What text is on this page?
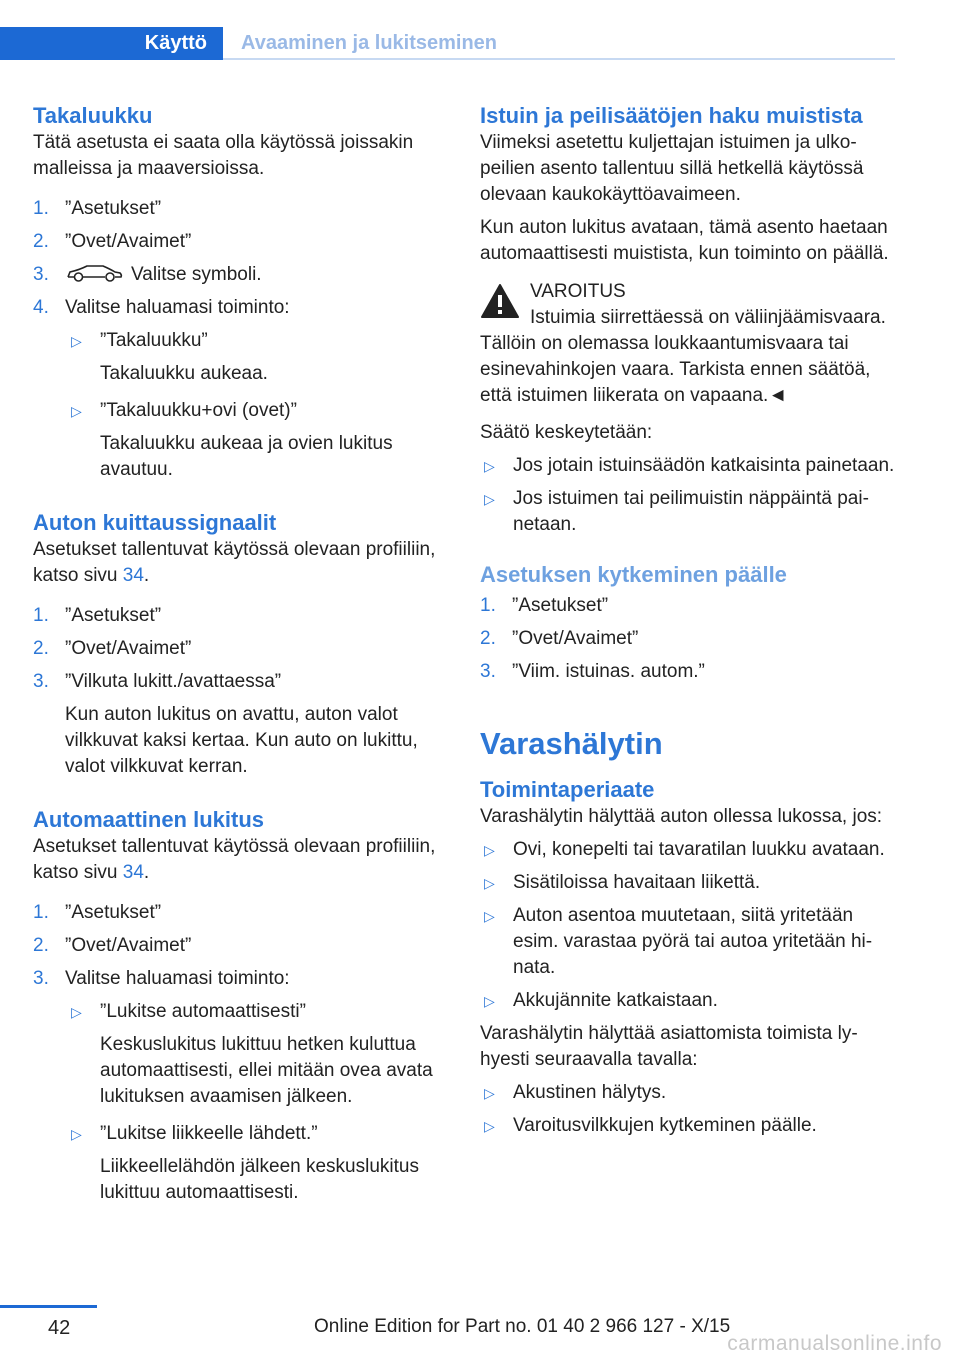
Käyttö Avaaminen ja lukitseminen
Takaluukku

Tätä asetusta ei saata olla käytössä joissakin malleissa ja maaversioissa.

1. ”Asetukset”
2. ”Ovet/Avaimet”
3.	Valitse symboli.
4. Valitse haluamasi toiminto:
▷ ”Takaluukku”
Takaluukku aukeaa.
▷ ”Takaluukku+ovi (ovet)”
Takaluukku aukeaa ja ovien lukitus avautuu.
Auton kuittaussignaalit

Asetukset tallentuvat käytössä olevaan profiiliin, katso sivu 34.

1. ”Asetukset”
2. ”Ovet/Avaimet”
3. ”Vilkuta lukitt./avattaessa”
Kun auton lukitus on avattu, auton valot vilkkuvat kaksi kertaa. Kun auto on lukittu, valot vilkkuvat kerran.
Automaattinen lukitus

Asetukset tallentuvat käytössä olevaan profiiliin, katso sivu 34.

1. ”Asetukset”
2. ”Ovet/Avaimet”
3. Valitse haluamasi toiminto:
▷ ”Lukitse automaattisesti”
Keskuslukitus lukittuu hetken kuluttua automaattisesti, ellei mitään ovea avata lukituksen avaamisen jälkeen.
▷ ”Lukitse liikkeelle lähdett.”
Liikkeellelähdön jälkeen keskuslukitus lukittuu automaattisesti.
Istuin ja peilisäätöjen haku muistista

Viimeksi asetettu kuljettajan istuimen ja ulkopeilien asento tallentuu sillä hetkellä käytössä olevaan kaukokäyttöavaimeen.

Kun auton lukitus avataan, tämä asento haetaan automaattisesti muistista, kun toiminto on päällä.

VAROITUS

Istuimia siirrettäessä on väliinjäämisvaara. Tällöin on olemassa loukkaantumisvaara tai esinevahinkojen vaara. Tarkista ennen säätöä, että istuimen liikerata on vapaana.◄

Säätö keskeytetään:

▷ Jos jotain istuinsäädön katkaisinta painetaan.
▷ Jos istuimen tai peilimuistin näppäintä painetaan.
Asetuksen kytkeminen päälle
1. ”Asetukset”
2. ”Ovet/Avaimet”
3. ”Viim. istuinas. autom.”
Varashälytin
Toimintaperiaate

Varashälytin hälyttää auton ollessa lukossa, jos:

▷ Ovi, konepelti tai tavaratilan luukku avataan.
▷ Sisätiloissa havaitaan liikettä.
▷ Auton asentoa muutetaan, siitä yritetään esim. varastaa pyörä tai autoa yritetään hinata.
▷ Akkujännite katkaistaan.

Varashälytin hälyttää asiattomista toimista lyhyesti seuraavalla tavalla:

▷ Akustinen hälytys.
▷ Varoitusvilkkujen kytkeminen päälle.
42	Online Edition for Part no. 01 40 2 966 127 - X/15
carmanualsonline.info
